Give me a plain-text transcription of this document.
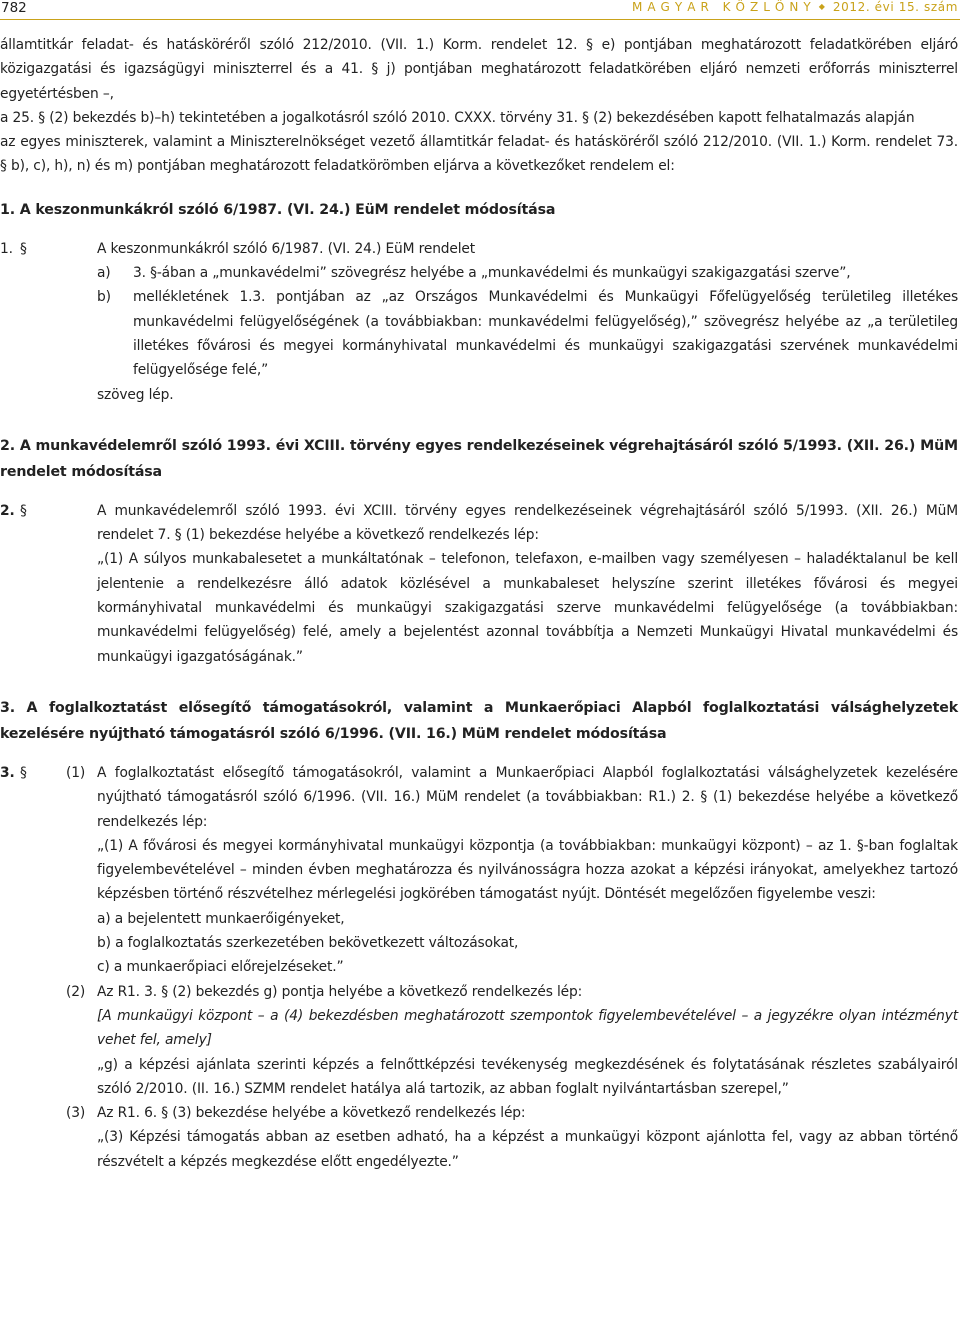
782	M A G Y A R   K Ö Z L Ö N Y ◆ 2012. évi 15. szám

államtitkár feladat- és hatásköréről szóló 212/2010. (VII. 1.) Korm. rendelet 12. § e) pontjában meghatározott feladatkörében eljáró közigazgatási és igazságügyi miniszterrel és a 41. § j) pontjában meghatározott feladatkörében eljáró nemzeti erőforrás miniszterrel egyetértésben –,

a 25. § (2) bekezdés b)–h) tekintetében a jogalkotásról szóló 2010. CXXX. törvény 31. § (2) bekezdésében kapott felhatalmazás alapján

az egyes miniszterek, valamint a Miniszterelnökséget vezető államtitkár feladat- és hatásköréről szóló 212/2010. (VII. 1.) Korm. rendelet 73. § b), c), h), n) és m) pontjában meghatározott feladatkörömben eljárva a következőket rendelem el:

1. A keszonmunkákról szóló 6/1987. (VI. 24.) EüM rendelet módosítása

1. §	A keszonmunkákról szóló 6/1987. (VI. 24.) EüM rendelet

a) 3. §-ában a „munkavédelmi” szövegrész helyébe a „munkavédelmi és munkaügyi szakigazgatási szerve”,

b) mellékletének 1.3. pontjában az „az Országos Munkavédelmi és Munkaügyi Főfelügyelőség területileg illetékes munkavédelmi felügyelőségének (a továbbiakban: munkavédelmi felügyelőség),” szövegrész helyébe az „a területileg illetékes fővárosi és megyei kormányhivatal munkavédelmi és munkaügyi szakigazgatási szervének munkavédelmi felügyelősége felé,”

szöveg lép.

2. A munkavédelemről szóló 1993. évi XCIII. törvény egyes rendelkezéseinek végrehajtásáról szóló 5/1993. (XII. 26.) MüM rendelet módosítása

2. §	A munkavédelemről szóló 1993. évi XCIII. törvény egyes rendelkezéseinek végrehajtásáról szóló 5/1993. (XII. 26.) MüM rendelet 7. § (1) bekezdése helyébe a következő rendelkezés lép:

„(1) A súlyos munkabalesetet a munkáltatónak – telefonon, telefaxon, e-mailben vagy személyesen – haladéktalanul be kell jelentenie a rendelkezésre álló adatok közlésével a munkabaleset helyszíne szerint illetékes fővárosi és megyei kormányhivatal munkavédelmi és munkaügyi szakigazgatási szerve munkavédelmi felügyelősége (a továbbiakban: munkavédelmi felügyelőség) felé, amely a bejelentést azonnal továbbítja a Nemzeti Munkaügyi Hivatal munkavédelmi és munkaügyi igazgatóságának.”

3. A foglalkoztatást elősegítő támogatásokról, valamint a Munkaerőpiaci Alapból foglalkoztatási válsághelyzetek kezelésére nyújtható támogatásról szóló 6/1996. (VII. 16.) MüM rendelet módosítása

3. §	(1) A foglalkoztatást elősegítő támogatásokról, valamint a Munkaerőpiaci Alapból foglalkoztatási válsághelyzetek kezelésére nyújtható támogatásról szóló 6/1996. (VII. 16.) MüM rendelet (a továbbiakban: R1.) 2. § (1) bekezdése helyébe a következő rendelkezés lép:

„(1) A fővárosi és megyei kormányhivatal munkaügyi központja (a továbbiakban: munkaügyi központ) – az 1. §-ban foglaltak figyelembevételével – minden évben meghatározza és nyilvánosságra hozza azokat a képzési irányokat, amelyekhez tartozó képzésben történő részvételhez mérlegelési jogkörében támogatást nyújt. Döntését megelőzően figyelembe veszi:

a) a bejelentett munkaerőigényeket,

b) a foglalkoztatás szerkezetében bekövetkezett változásokat,

c) a munkaerőpiaci előrejelzéseket.”

(2) Az R1. 3. § (2) bekezdés g) pontja helyébe a következő rendelkezés lép:

[A munkaügyi központ – a (4) bekezdésben meghatározott szempontok figyelembevételével – a jegyzékre olyan intézményt vehet fel, amely]

„g) a képzési ajánlata szerinti képzés a felnőttképzési tevékenység megkezdésének és folytatásának részletes szabályairól szóló 2/2010. (II. 16.) SZMM rendelet hatálya alá tartozik, az abban foglalt nyilvántartásban szerepel,”

(3) Az R1. 6. § (3) bekezdése helyébe a következő rendelkezés lép:

„(3) Képzési támogatás abban az esetben adható, ha a képzést a munkaügyi központ ajánlotta fel, vagy az abban történő részvételt a képzés megkezdése előtt engedélyezte.”
